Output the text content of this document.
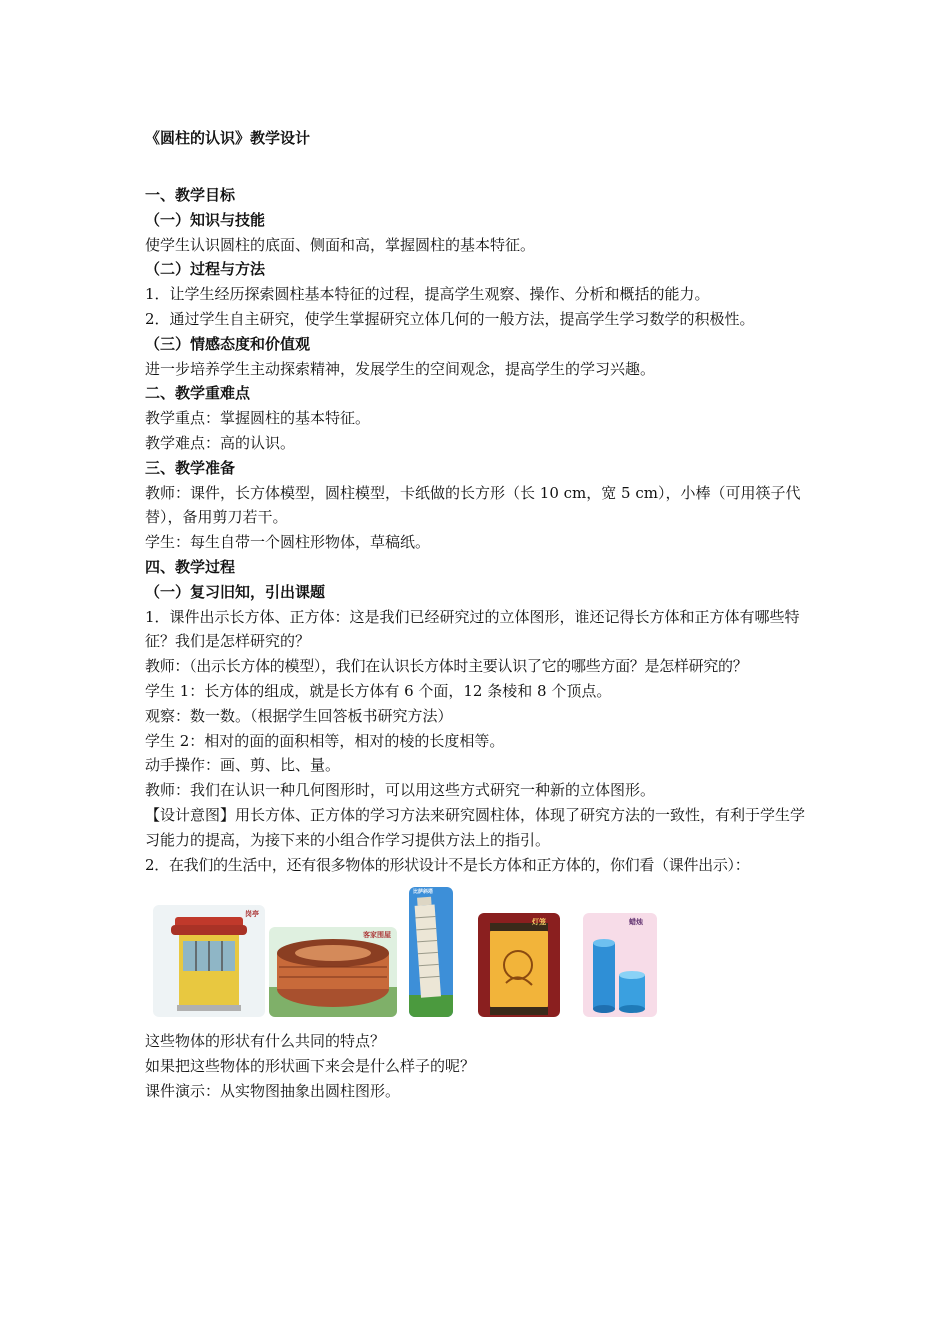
《圆柱的认识》教学设计

一、教学目标

（一）知识与技能

使学生认识圆柱的底面、侧面和高，掌握圆柱的基本特征。

（二）过程与方法

1．让学生经历探索圆柱基本特征的过程，提高学生观察、操作、分析和概括的能力。

2．通过学生自主研究，使学生掌握研究立体几何的一般方法，提高学生学习数学的积极性。

（三）情感态度和价值观

进一步培养学生主动探索精神，发展学生的空间观念，提高学生的学习兴趣。

二、教学重难点

教学重点：掌握圆柱的基本特征。

教学难点：高的认识。

三、教学准备

教师：课件，长方体模型，圆柱模型，卡纸做的长方形（长 10 cm，宽 5 cm），小棒（可用筷子代替），备用剪刀若干。

学生：每生自带一个圆柱形物体，草稿纸。

四、教学过程

（一）复习旧知，引出课题

1．课件出示长方体、正方体：这是我们已经研究过的立体图形，谁还记得长方体和正方体有哪些特征？我们是怎样研究的？

教师：（出示长方体的模型），我们在认识长方体时主要认识了它的哪些方面？是怎样研究的？

学生 1：长方体的组成，就是长方体有 6 个面，12 条棱和 8 个顶点。

观察：数一数。（根据学生回答板书研究方法）

学生 2：相对的面的面积相等，相对的棱的长度相等。

动手操作：画、剪、比、量。

教师：我们在认识一种几何图形时，可以用这些方式研究一种新的立体图形。

【设计意图】用长方体、正方体的学习方法来研究圆柱体，体现了研究方法的一致性，有利于学生学习能力的提高，为接下来的小组合作学习提供方法上的指引。

2．在我们的生活中，还有很多物体的形状设计不是长方体和正方体的，你们看（课件出示）：

岗亭
客家围屋
比萨斜塔
灯笼	蜡烛

这些物体的形状有什么共同的特点？

如果把这些物体的形状画下来会是什么样子的呢？

课件演示：从实物图抽象出圆柱图形。
